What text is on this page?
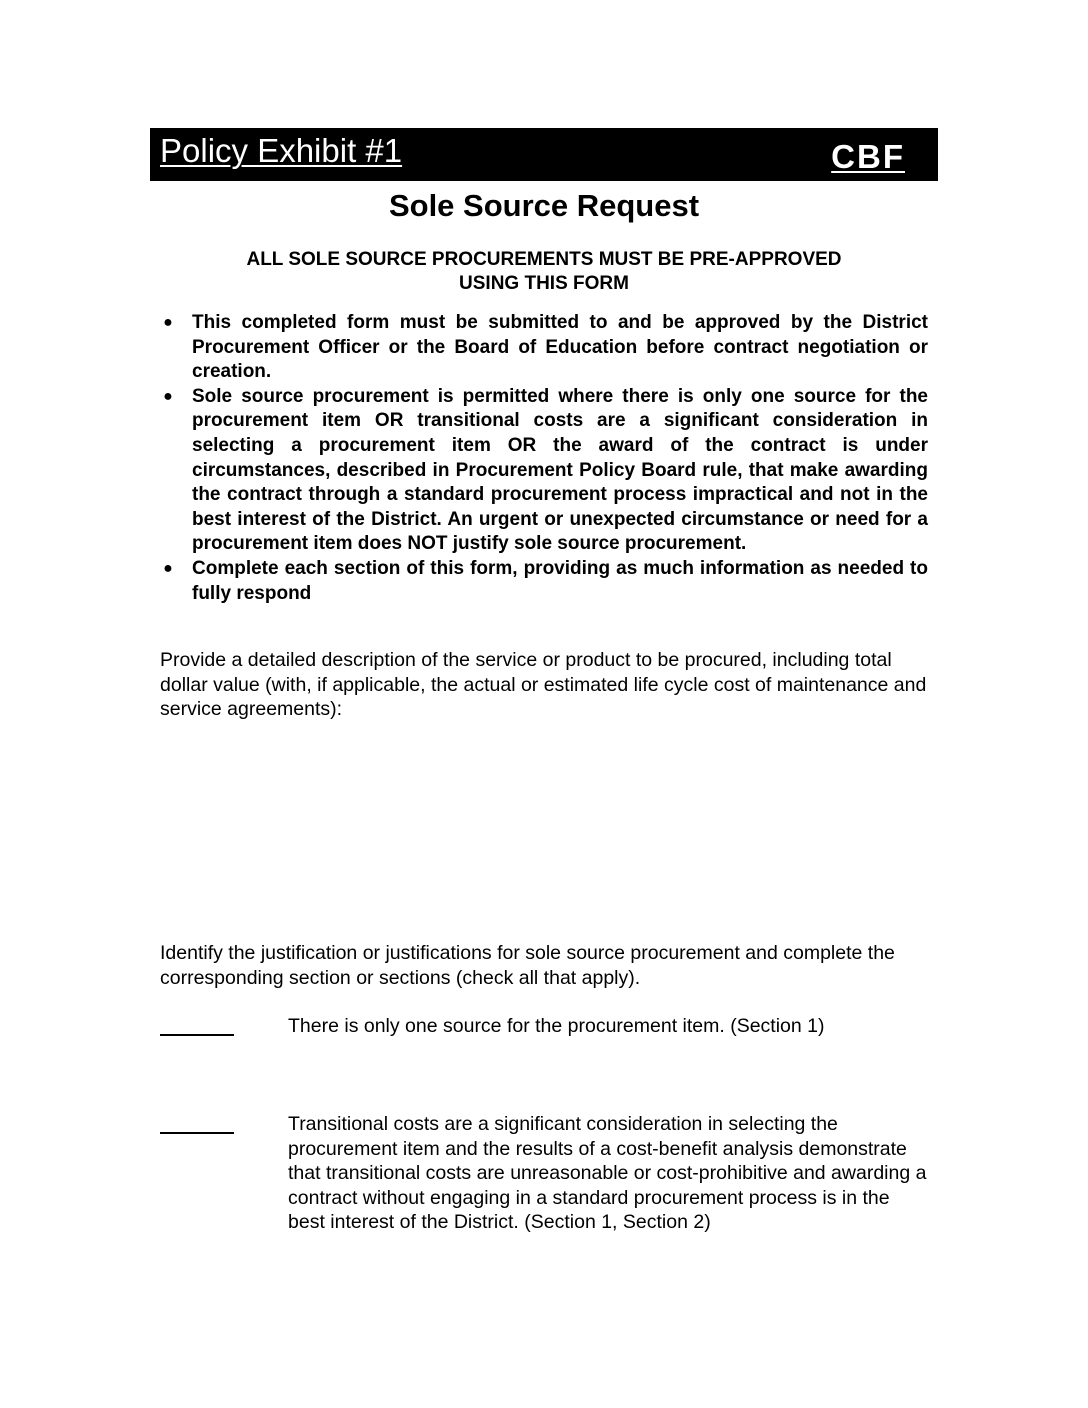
Policy Exhibit #1	CBF
Sole Source Request
ALL SOLE SOURCE PROCUREMENTS MUST BE PRE-APPROVED
USING THIS FORM
● This completed form must be submitted to and be approved by the District Procurement Officer or the Board of Education before contract negotiation or creation.
● Sole source procurement is permitted where there is only one source for the procurement item OR transitional costs are a significant consideration in selecting a procurement item OR the award of the contract is under circumstances, described in Procurement Policy Board rule, that make awarding the contract through a standard procurement process impractical and not in the best interest of the District. An urgent or unexpected circumstance or need for a procurement item does NOT justify sole source procurement.
● Complete each section of this form, providing as much information as needed to fully respond
Provide a detailed description of the service or product to be procured, including total dollar value (with, if applicable, the actual or estimated life cycle cost of maintenance and service agreements):
Identify the justification or justifications for sole source procurement and complete the corresponding section or sections (check all that apply).
There is only one source for the procurement item. (Section 1)
Transitional costs are a significant consideration in selecting the procurement item and the results of a cost-benefit analysis demonstrate that transitional costs are unreasonable or cost-prohibitive and awarding a contract without engaging in a standard procurement process is in the best interest of the District. (Section 1, Section 2)
